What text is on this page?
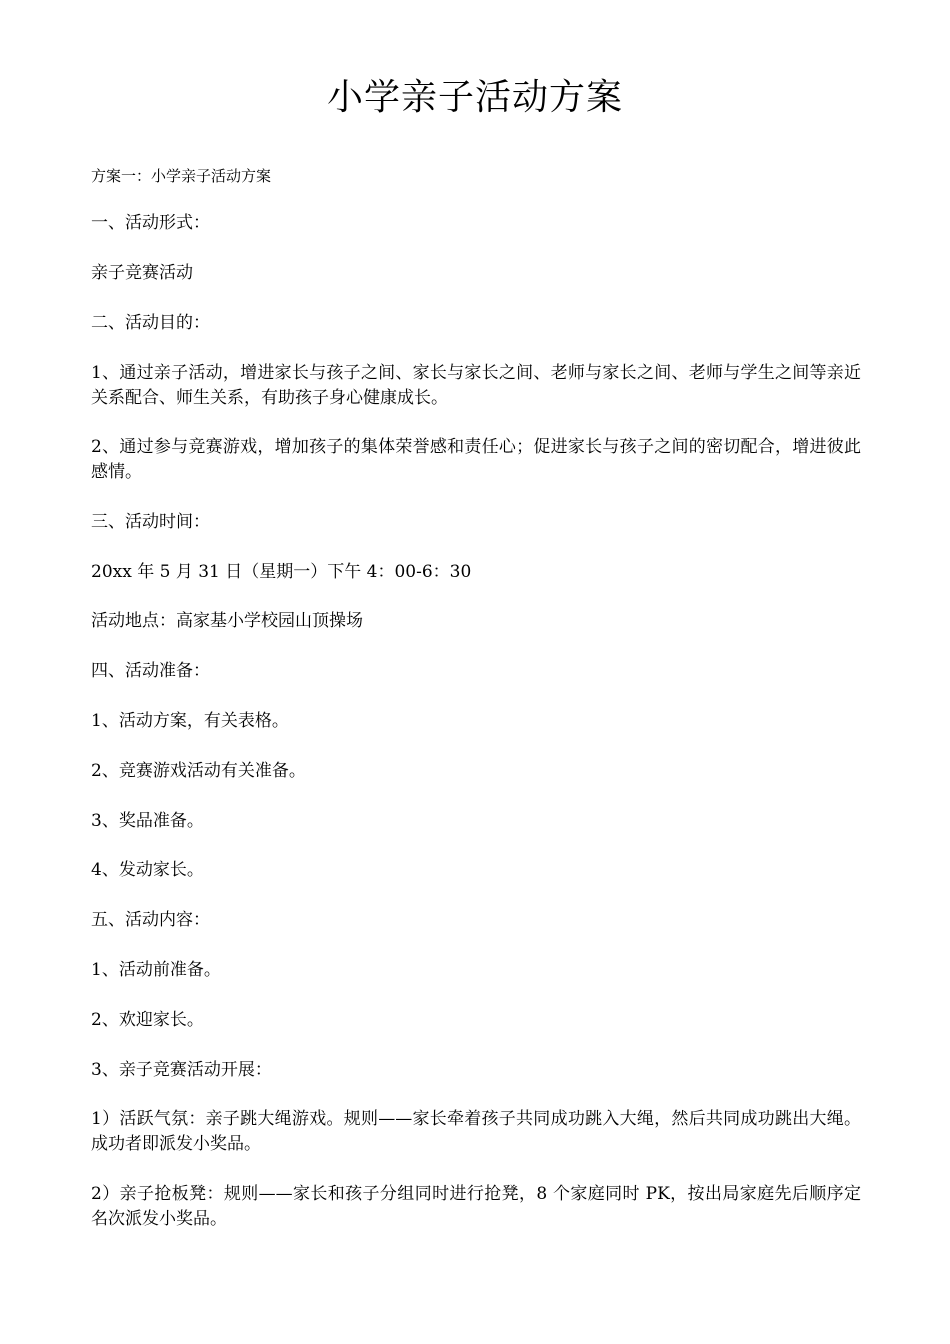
小学亲子活动方案

方案一：小学亲子活动方案

一、活动形式：

亲子竞赛活动

二、活动目的：

1、通过亲子活动，增进家长与孩子之间、家长与家长之间、老师与家长之间、老师与学生之间等亲近关系配合、师生关系，有助孩子身心健康成长。

2、通过参与竞赛游戏，增加孩子的集体荣誉感和责任心；促进家长与孩子之间的密切配合，增进彼此感情。

三、活动时间：

20xx 年 5 月 31 日（星期一）下午 4：00-6：30

活动地点：高家基小学校园山顶操场

四、活动准备：

1、活动方案，有关表格。

2、竞赛游戏活动有关准备。

3、奖品准备。

4、发动家长。

五、活动内容：

1、活动前准备。

2、欢迎家长。

3、亲子竞赛活动开展：

1）活跃气氛：亲子跳大绳游戏。规则——家长牵着孩子共同成功跳入大绳，然后共同成功跳出大绳。成功者即派发小奖品。

2）亲子抢板凳：规则——家长和孩子分组同时进行抢凳，8 个家庭同时 PK，按出局家庭先后顺序定名次派发小奖品。
